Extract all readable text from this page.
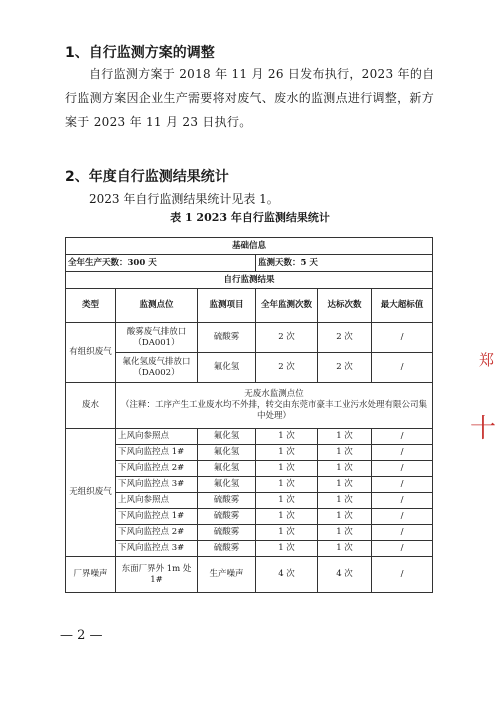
1、自行监测方案的调整
自行监测方案于 2018 年 11 月 26 日发布执行，2023 年的自行监测方案因企业生产需要将对废气、废水的监测点进行调整，新方案于 2023 年 11 月 23 日执行。
2、年度自行监测结果统计
2023 年自行监测结果统计见表 1。
表 1 2023 年自行监测结果统计
基础信息					
全年生产天数：300 天			监测天数：5 天		
自行监测结果					
类型	监测点位	监测项目	全年监测次数	达标次数	最大超标值
有组织废气	酸雾废气排放口（DA001）	硫酸雾	2 次	2 次	/
	氟化氢废气排放口（DA002）	氟化氢	2 次	2 次	/
废水	无废水监测点位
（注释：工序产生工业废水均不外排，转交由东莞市豪丰工业污水处理有限公司集中处理）				

无组织废气	上风向参照点	氟化氢	1 次	1 次	/
	下风向监控点 1#	氟化氢	1 次	1 次	/
	下风向监控点 2#	氟化氢	1 次	1 次	/
	下风向监控点 3#	氟化氢	1 次	1 次	/
	上风向参照点	硫酸雾	1 次	1 次	/
	下风向监控点 1#	硫酸雾	1 次	1 次	/
	下风向监控点 2#	硫酸雾	1 次	1 次	/
	下风向监控点 3#	硫酸雾	1 次	1 次	/
厂界噪声	东面厂界外 1m 处 1#	生产噪声	4 次	4 次	/
郑
十
— 2 —
